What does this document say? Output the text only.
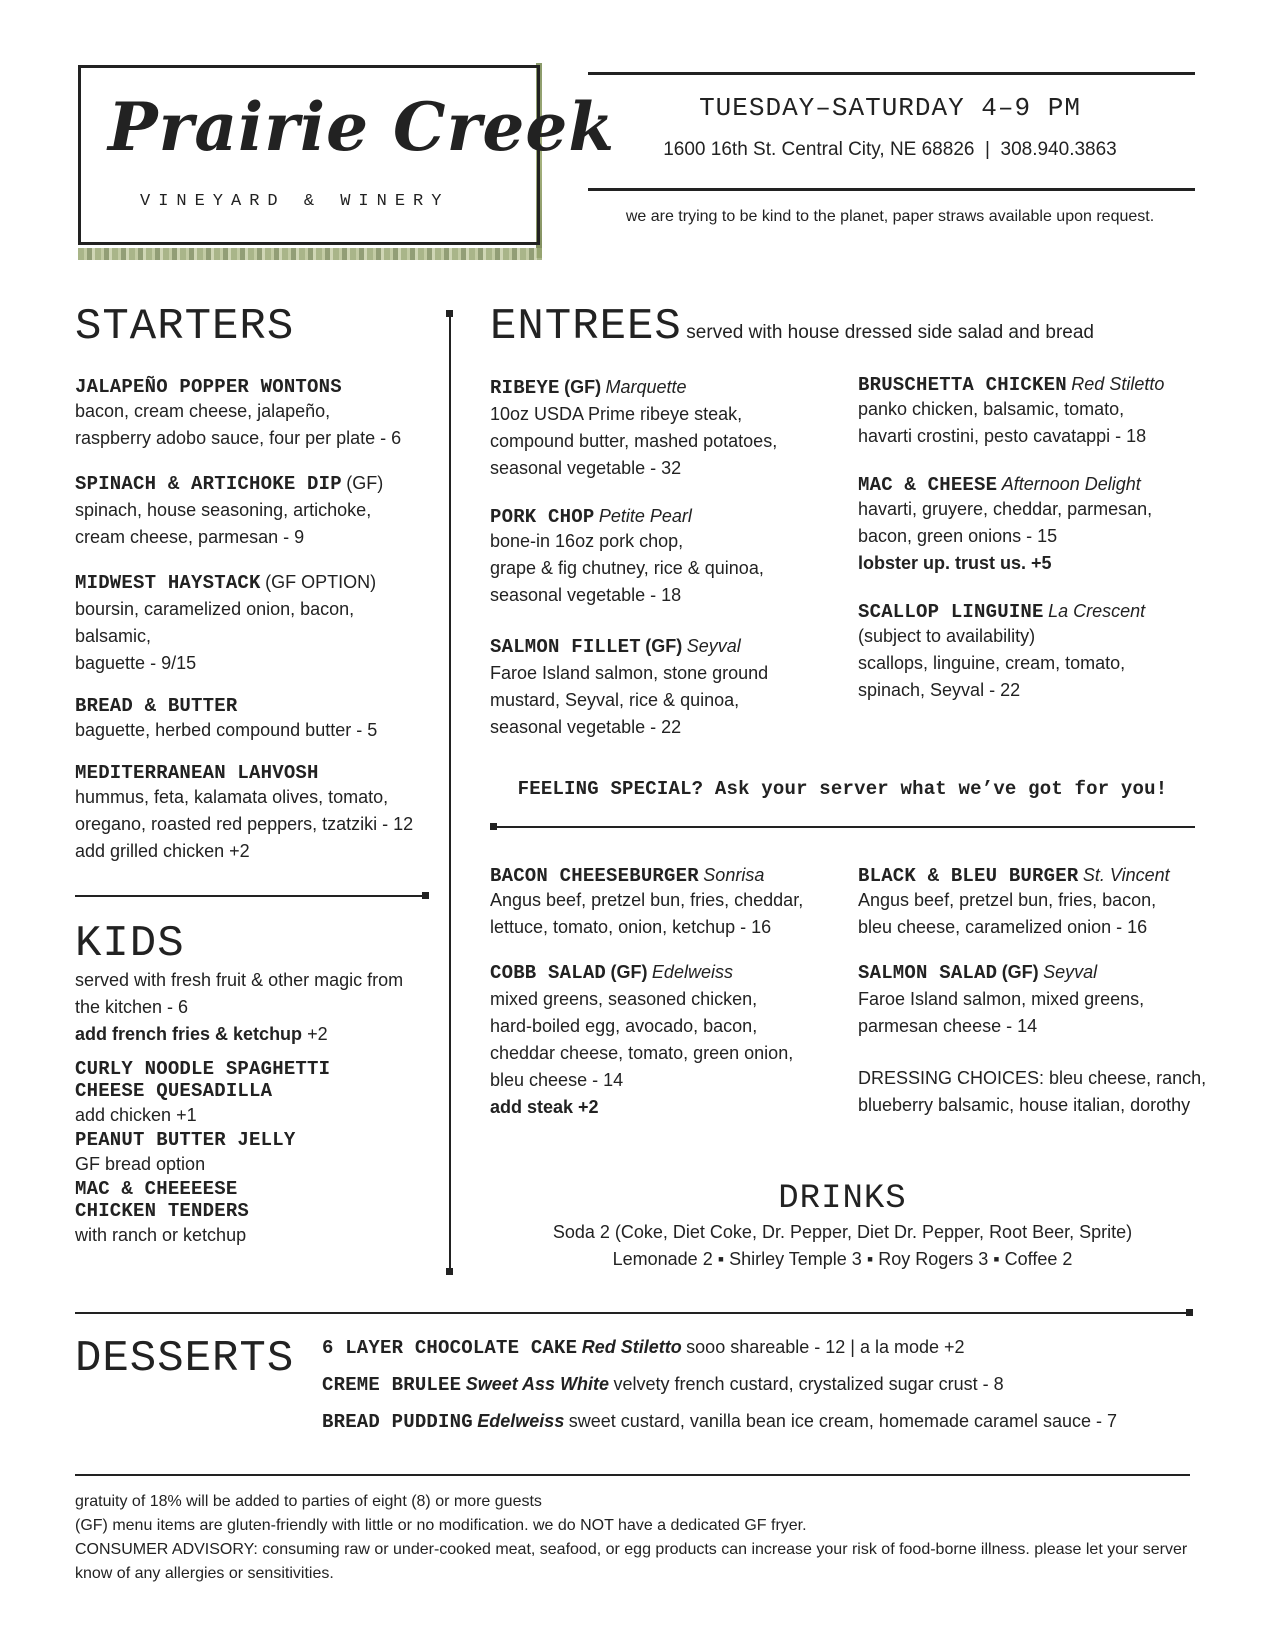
Prairie Creek
VINEYARD & WINERY
TUESDAY–SATURDAY 4–9 PM
1600 16th St. Central City, NE 68826  |  308.940.3863
we are trying to be kind to the planet, paper straws available upon request.
STARTERS
JALAPEÑO POPPER WONTONS
bacon, cream cheese, jalapeño,
raspberry adobo sauce, four per plate - 6
SPINACH & ARTICHOKE DIP (GF)
spinach, house seasoning, artichoke,
cream cheese, parmesan - 9
MIDWEST HAYSTACK (GF OPTION)
boursin, caramelized onion, bacon, balsamic,
baguette - 9/15
BREAD & BUTTER
baguette, herbed compound butter - 5
MEDITERRANEAN LAHVOSH
hummus, feta, kalamata olives, tomato,
oregano, roasted red peppers, tzatziki - 12
add grilled chicken +2
KIDS
served with fresh fruit & other magic from
the kitchen - 6
add french fries & ketchup +2
CURLY NOODLE SPAGHETTI
CHEESE QUESADILLA
add chicken +1
PEANUT BUTTER JELLY
GF bread option
MAC & CHEEEESE
CHICKEN TENDERS
with ranch or ketchup
ENTREES served with house dressed side salad and bread
RIBEYE (GF) Marquette
10oz USDA Prime ribeye steak,
compound butter, mashed potatoes,
seasonal vegetable - 32
PORK CHOP Petite Pearl
bone-in 16oz pork chop,
grape & fig chutney, rice & quinoa,
seasonal vegetable - 18
SALMON FILLET (GF) Seyval
Faroe Island salmon, stone ground
mustard, Seyval, rice & quinoa,
seasonal vegetable - 22
BRUSCHETTA CHICKEN Red Stiletto
panko chicken, balsamic, tomato,
havarti crostini, pesto cavatappi - 18
MAC & CHEESE Afternoon Delight
havarti, gruyere, cheddar, parmesan,
bacon, green onions - 15
lobster up. trust us. +5
SCALLOP LINGUINE La Crescent
(subject to availability)
scallops, linguine, cream, tomato,
spinach, Seyval - 22
FEELING SPECIAL? Ask your server what we’ve got for you!
BACON CHEESEBURGER Sonrisa
Angus beef, pretzel bun, fries, cheddar,
lettuce, tomato, onion, ketchup - 16
COBB SALAD (GF) Edelweiss
mixed greens, seasoned chicken,
hard-boiled egg, avocado, bacon,
cheddar cheese, tomato, green onion,
bleu cheese - 14
add steak +2
BLACK & BLEU BURGER St. Vincent
Angus beef, pretzel bun, fries, bacon,
bleu cheese, caramelized onion - 16
SALMON SALAD (GF) Seyval
Faroe Island salmon, mixed greens,
parmesan cheese - 14
DRESSING CHOICES: bleu cheese, ranch,
blueberry balsamic, house italian, dorothy
DRINKS
Soda 2 (Coke, Diet Coke, Dr. Pepper, Diet Dr. Pepper, Root Beer, Sprite)
Lemonade 2 ▪ Shirley Temple 3 ▪ Roy Rogers 3 ▪ Coffee 2
DESSERTS 6 LAYER CHOCOLATE CAKE Red Stiletto sooo shareable - 12 | a la mode +2
CREME BRULEE Sweet Ass White velvety french custard, crystalized sugar crust - 8
BREAD PUDDING Edelweiss sweet custard, vanilla bean ice cream, homemade caramel sauce - 7
gratuity of 18% will be added to parties of eight (8) or more guests
(GF) menu items are gluten-friendly with little or no modification. we do NOT have a dedicated GF fryer.
CONSUMER ADVISORY: consuming raw or under-cooked meat, seafood, or egg products can increase your risk of food-borne illness. please let your server
know of any allergies or sensitivities.
